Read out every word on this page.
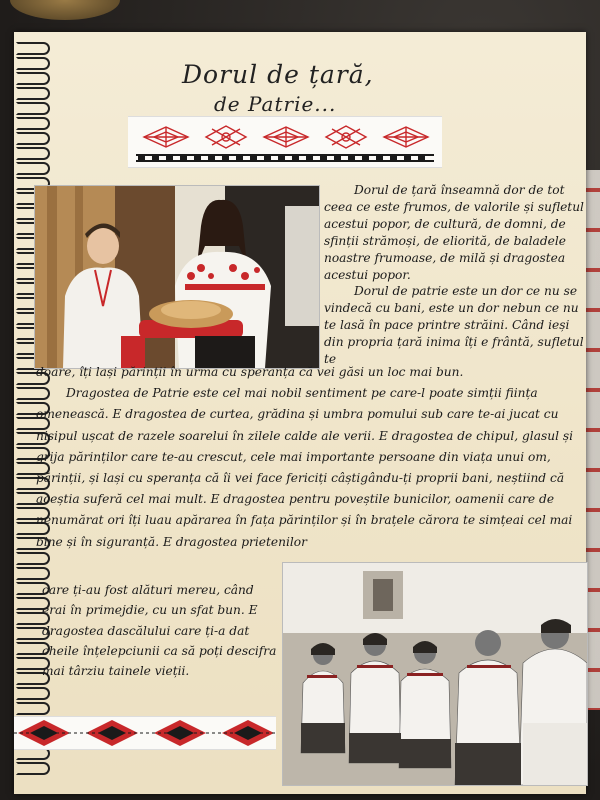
Dorul de țară,
de Patrie...

Dorul de țară înseamnă dor de tot ceea ce este frumos, de valorile și sufletul acestui popor, de cultură, de domni, de sfinții strămoși, de eliorită, de baladele noastre frumoase, de milă și dragostea acestui popor.

Dorul de patrie este un dor ce nu se vindecă cu bani, este un dor nebun ce nu te lasă în pace printre străini. Când ieși din propria țară inima îți e frântă, sufletul te

doare, îți lași părinții în urmă cu speranța că vei găsi un loc mai bun.

Dragostea de Patrie este cel mai nobil sentiment pe care-l poate simții ființa omenească. E dragostea de curtea, grădina și umbra pomului sub care te-ai jucat cu nisipul ușcat de razele soarelui în zilele calde ale verii. E dragostea de chipul, glasul și grija părinților care te-au crescut, cele mai importante persoane din viața unui om, părinții, și lași cu speranța că îi vei face fericiți câștigându-ți proprii bani, neștiind că aceștia suferă cel mai mult. E dragostea pentru poveștile bunicilor, oamenii care de nenumărat ori îți luau apărarea în fața părinților și în brațele cărora te simțeai cel mai bine și în siguranță. E dragostea prietenilor

care ți-au fost alături mereu, când erai în primejdie, cu un sfat bun. E dragostea dascălului care ți-a dat cheile înțelepciunii ca să poți descifra mai târziu tainele vieții.
